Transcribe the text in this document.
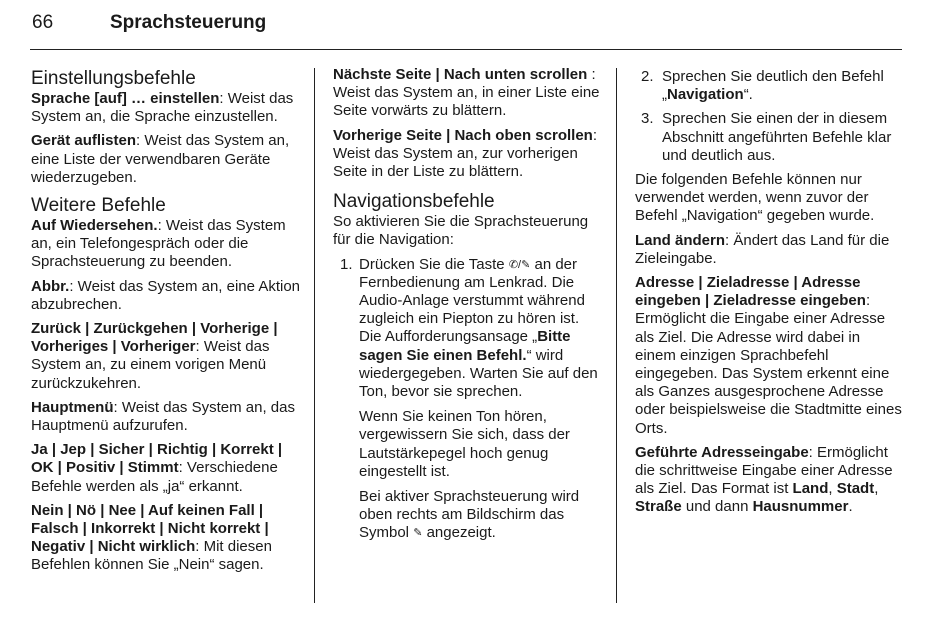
66	Sprachsteuerung
Einstellungsbefehle

Sprache [auf] … einstellen: Weist das System an, die Sprache einzustellen.

Gerät auflisten: Weist das System an, eine Liste der verwendbaren Geräte wiederzugeben.

Weitere Befehle

Auf Wiedersehen.: Weist das System an, ein Telefongespräch oder die Sprachsteuerung zu beenden.

Abbr.: Weist das System an, eine Aktion abzubrechen.

Zurück | Zurückgehen | Vorherige | Vorheriges | Vorheriger: Weist das System an, zu einem vorigen Menü zurückzukehren.

Hauptmenü: Weist das System an, das Hauptmenü aufzurufen.

Ja | Jep | Sicher | Richtig | Korrekt | OK | Positiv | Stimmt: Verschiedene Befehle werden als „ja“ erkannt.

Nein | Nö | Nee | Auf keinen Fall | Falsch | Inkorrekt | Nicht korrekt | Negativ | Nicht wirklich: Mit diesen Befehlen können Sie „Nein“ sagen.

Nächste Seite | Nach unten scrollen : Weist das System an, in einer Liste eine Seite vorwärts zu blättern.

Vorherige Seite | Nach oben scrollen: Weist das System an, zur vorherigen Seite in der Liste zu blättern.

Navigationsbefehle

So aktivieren Sie die Sprachsteuerung für die Navigation:

1. Drücken Sie die Taste ✆/✎ an der Fernbedienung am Lenkrad. Die Audio-Anlage verstummt während zugleich ein Piepton zu hören ist. Die Aufforderungsansage „Bitte sagen Sie einen Befehl.“ wird wiedergegeben. Warten Sie auf den Ton, bevor sie sprechen.
Wenn Sie keinen Ton hören, vergewissern Sie sich, dass der Lautstärkepegel hoch genug eingestellt ist.
Bei aktiver Sprachsteuerung wird oben rechts am Bildschirm das Symbol ✎ angezeigt.
2. Sprechen Sie deutlich den Befehl „Navigation“.
3. Sprechen Sie einen der in diesem Abschnitt angeführten Befehle klar und deutlich aus.

Die folgenden Befehle können nur verwendet werden, wenn zuvor der Befehl „Navigation“ gegeben wurde.

Land ändern: Ändert das Land für die Zieleingabe.

Adresse | Zieladresse | Adresse eingeben | Zieladresse eingeben: Ermöglicht die Eingabe einer Adresse als Ziel. Die Adresse wird dabei in einem einzigen Sprachbefehl eingegeben. Das System erkennt eine als Ganzes ausgesprochene Adresse oder beispielsweise die Stadtmitte eines Orts.

Geführte Adresseingabe: Ermöglicht die schrittweise Eingabe einer Adresse als Ziel. Das Format ist Land, Stadt, Straße und dann Hausnummer.
